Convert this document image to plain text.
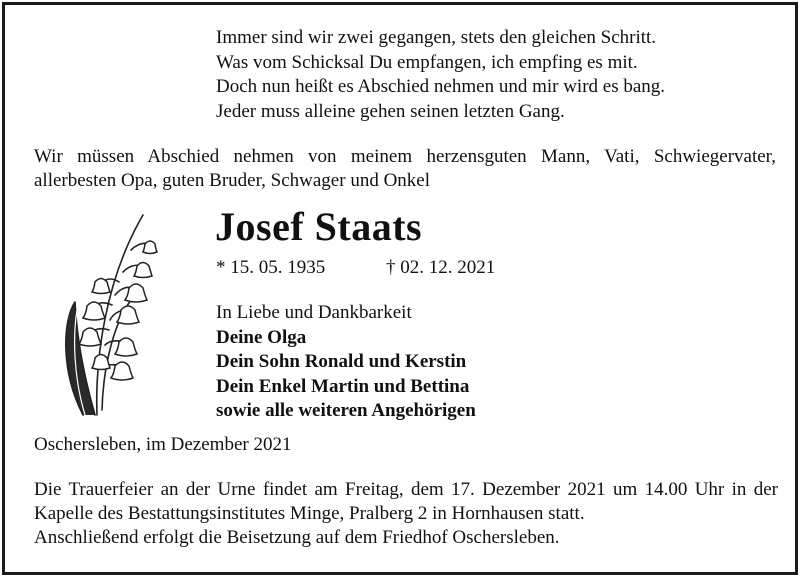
Immer sind wir zwei gegangen, stets den gleichen Schritt.
Was vom Schicksal Du empfangen, ich empfing es mit.
Doch nun heißt es Abschied nehmen und mir wird es bang.
Jeder muss alleine gehen seinen letzten Gang.
Wir müssen Abschied nehmen von meinem herzensguten Mann, Vati, Schwiegervater,
allerbesten Opa, guten Bruder, Schwager und Onkel
Josef Staats
* 15. 05. 1935	† 02. 12. 2021
In Liebe und Dankbarkeit
Deine Olga
Dein Sohn Ronald und Kerstin
Dein Enkel Martin und Bettina
sowie alle weiteren Angehörigen
Oschersleben, im Dezember 2021
Die Trauerfeier an der Urne findet am Freitag, dem 17. Dezember 2021 um 14.00 Uhr in der
Kapelle des Bestattungsinstitutes Minge, Pralberg 2 in Hornhausen statt.
Anschließend erfolgt die Beisetzung auf dem Friedhof Oschersleben.
